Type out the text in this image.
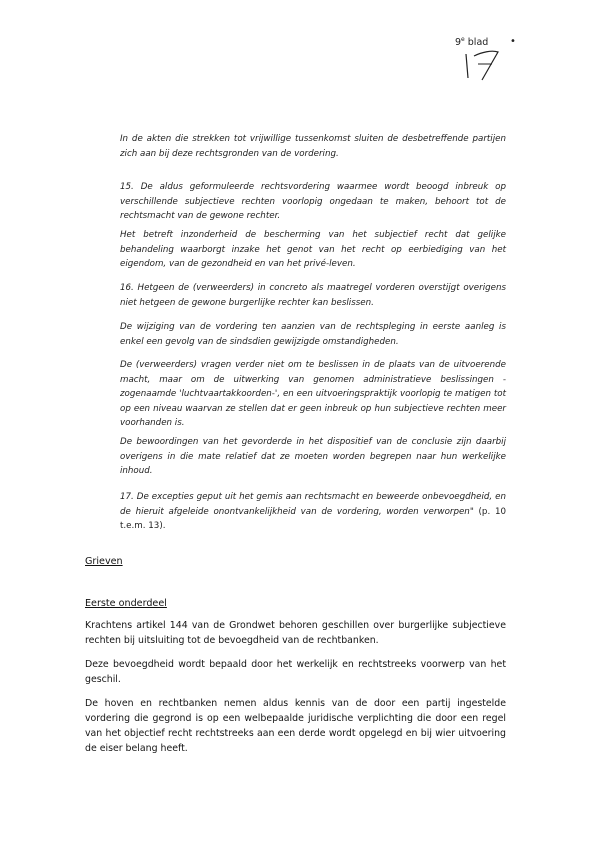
9e blad •
In de akten die strekken tot vrijwillige tussenkomst sluiten de desbetreffende partijen zich aan bij deze rechtsgronden van de vordering.
15. De aldus geformuleerde rechtsvordering waarmee wordt beoogd inbreuk op verschillende subjectieve rechten voorlopig ongedaan te maken, behoort tot de rechtsmacht van de gewone rechter.
Het betreft inzonderheid de bescherming van het subjectief recht dat gelijke behandeling waarborgt inzake het genot van het recht op eerbiediging van het eigendom, van de gezondheid en van het privé-leven.
16. Hetgeen de (verweerders) in concreto als maatregel vorderen overstijgt overigens niet hetgeen de gewone burgerlijke rechter kan beslissen.
De wijziging van de vordering ten aanzien van de rechtspleging in eerste aanleg is enkel een gevolg van de sindsdien gewijzigde omstandigheden.
De (verweerders) vragen verder niet om te beslissen in de plaats van de uitvoerende macht, maar om de uitwerking van genomen administratieve beslissingen -zogenaamde 'luchtvaartakkoorden-', en een uitvoeringspraktijk voorlopig te matigen tot op een niveau waarvan ze stellen dat er geen inbreuk op hun subjectieve rechten meer voorhanden is.
De bewoordingen van het gevorderde in het dispositief van de conclusie zijn daarbij overigens in die mate relatief dat ze moeten worden begrepen naar hun werkelijke inhoud.
17. De excepties geput uit het gemis aan rechtsmacht en beweerde onbevoegdheid, en de hieruit afgeleide onontvankelijkheid van de vordering, worden verworpen" (p. 10 t.e.m. 13).
Grieven
Eerste onderdeel
Krachtens artikel 144 van de Grondwet behoren geschillen over burgerlijke subjectieve rechten bij uitsluiting tot de bevoegdheid van de rechtbanken.
Deze bevoegdheid wordt bepaald door het werkelijk en rechtstreeks voorwerp van het geschil.
De hoven en rechtbanken nemen aldus kennis van de door een partij ingestelde vordering die gegrond is op een welbepaalde juridische verplichting die door een regel van het objectief recht rechtstreeks aan een derde wordt opgelegd en bij wier uitvoering de eiser belang heeft.
